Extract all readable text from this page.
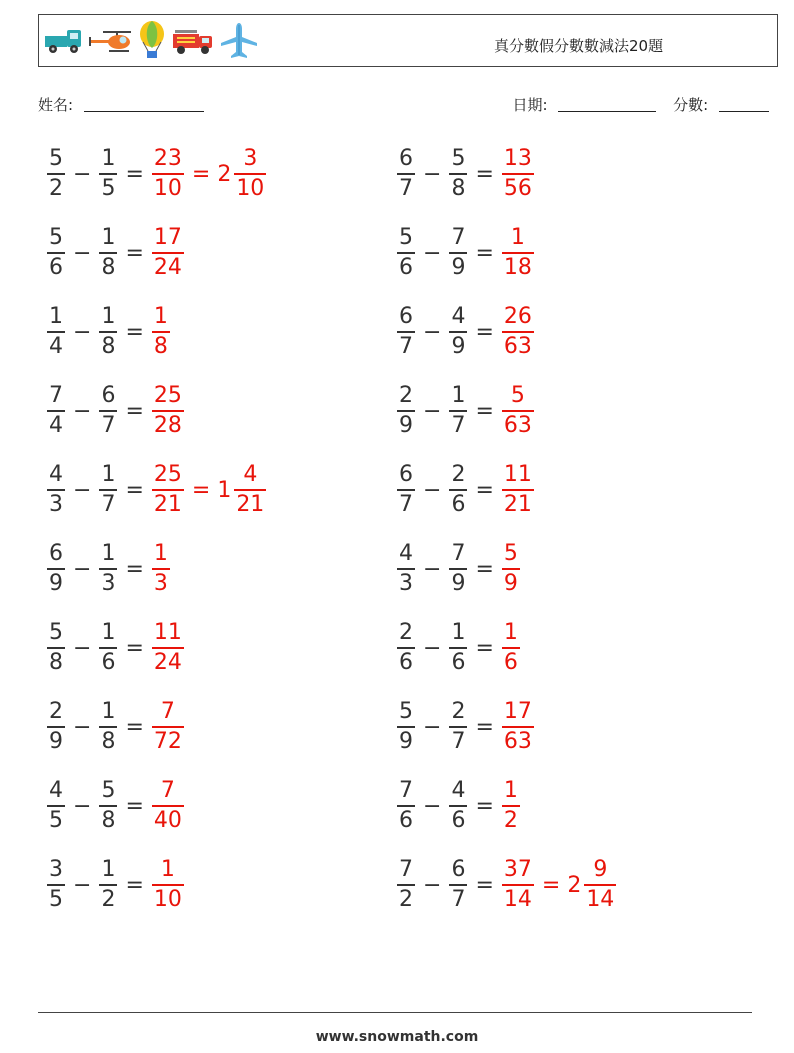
真分數假分數數減法20題
姓名:	日期:	分數:
$\frac{5}{2} - \frac{1}{5} = \frac{23}{10} = 2 \frac{3}{10}$
$\frac{5}{6} - \frac{1}{8} = \frac{17}{24}$
$\frac{1}{4} - \frac{1}{8} = \frac{1}{8}$
$\frac{7}{4} - \frac{6}{7} = \frac{25}{28}$
$\frac{4}{3} - \frac{1}{7} = \frac{25}{21} = 1 \frac{4}{21}$
$\frac{6}{9} - \frac{1}{3} = \frac{1}{3}$
$\frac{5}{8} - \frac{1}{6} = \frac{11}{24}$
$\frac{2}{9} - \frac{1}{8} = \frac{7}{72}$
$\frac{4}{5} - \frac{5}{8} = \frac{7}{40}$
$\frac{3}{5} - \frac{1}{2} = \frac{1}{10}$
$\frac{6}{7} - \frac{5}{8} = \frac{13}{56}$
$\frac{5}{6} - \frac{7}{9} = \frac{1}{18}$
$\frac{6}{7} - \frac{4}{9} = \frac{26}{63}$
$\frac{2}{9} - \frac{1}{7} = \frac{5}{63}$
$\frac{6}{7} - \frac{2}{6} = \frac{11}{21}$
$\frac{4}{3} - \frac{7}{9} = \frac{5}{9}$
$\frac{2}{6} - \frac{1}{6} = \frac{1}{6}$
$\frac{5}{9} - \frac{2}{7} = \frac{17}{63}$
$\frac{7}{6} - \frac{4}{6} = \frac{1}{2}$
$\frac{7}{2} - \frac{6}{7} = \frac{37}{14} = 2 \frac{9}{14}$
www.snowmath.com
